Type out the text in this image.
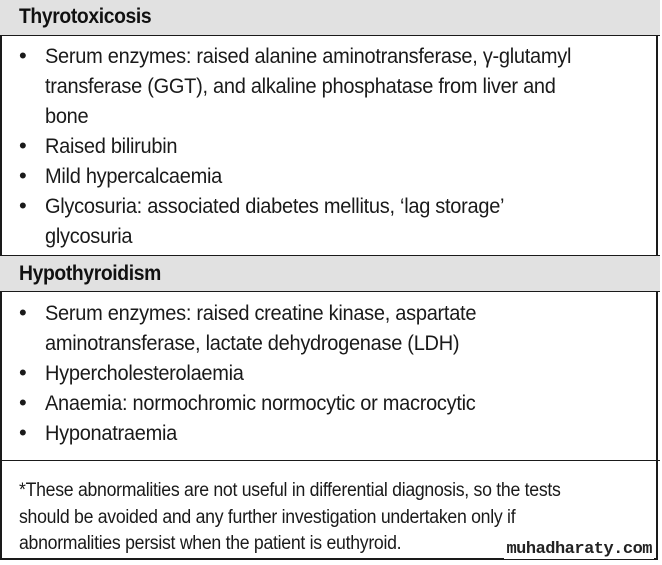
Thyrotoxicosis
• Serum enzymes: raised alanine aminotransferase, γ-glutamyl
transferase (GGT), and alkaline phosphatase from liver and
bone
• Raised bilirubin
• Mild hypercalcaemia
• Glycosuria: associated diabetes mellitus, ‘lag storage’
glycosuria
Hypothyroidism
• Serum enzymes: raised creatine kinase, aspartate
aminotransferase, lactate dehydrogenase (LDH)
• Hypercholesterolaemia
• Anaemia: normochromic normocytic or macrocytic
• Hyponatraemia
*These abnormalities are not useful in differential diagnosis, so the tests
should be avoided and any further investigation undertaken only if
abnormalities persist when the patient is euthyroid.	muhadharaty.com
